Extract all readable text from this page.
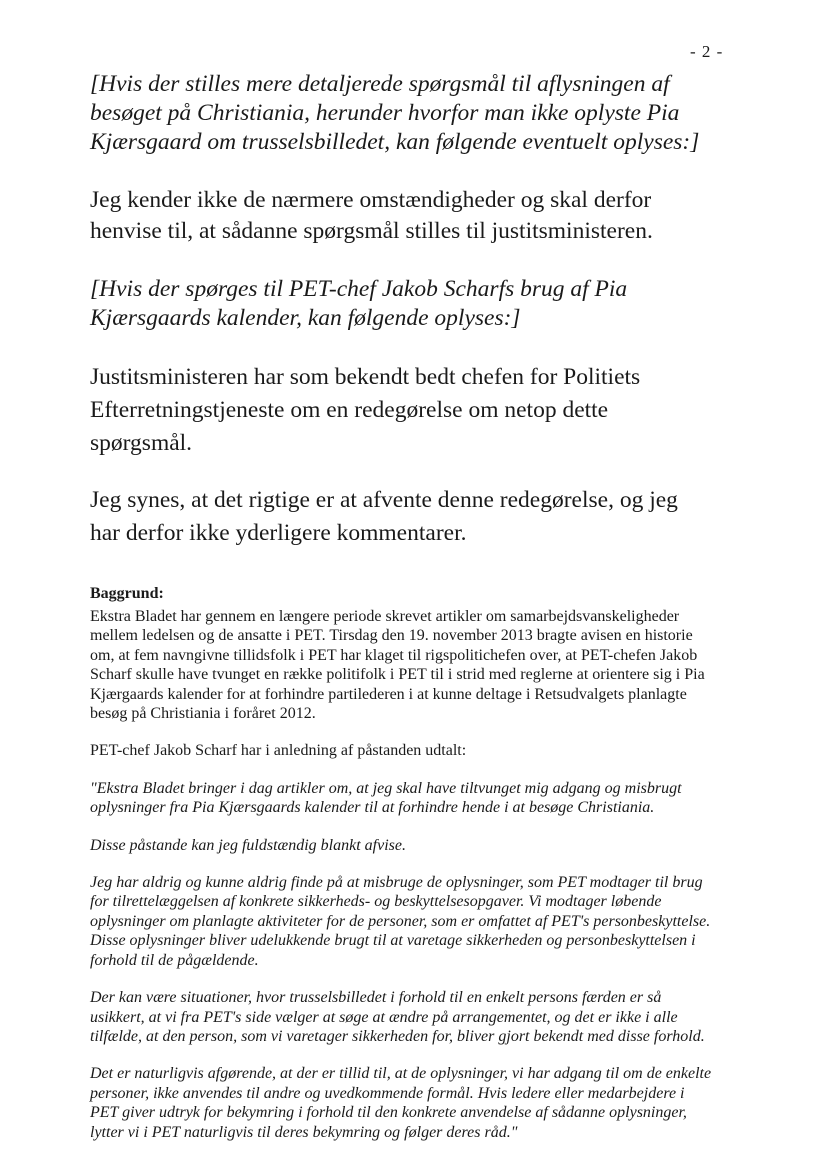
- 2 -

[Hvis der stilles mere detaljerede spørgsmål til aflysningen af besøget på Christiania, herunder hvorfor man ikke oplyste Pia Kjærsgaard om trusselsbilledet, kan følgende eventuelt oplyses:]

Jeg kender ikke de nærmere omstændigheder og skal derfor henvise til, at sådanne spørgsmål stilles til justitsministeren.

[Hvis der spørges til PET-chef Jakob Scharfs brug af Pia Kjærsgaards kalender, kan følgende oplyses:]

Justitsministeren har som bekendt bedt chefen for Politiets Efterretningstjeneste om en redegørelse om netop dette spørgsmål.

Jeg synes, at det rigtige er at afvente denne redegørelse, og jeg har derfor ikke yderligere kommentarer.

Baggrund:

Ekstra Bladet har gennem en længere periode skrevet artikler om samarbejdsvanskeligheder mellem ledelsen og de ansatte i PET. Tirsdag den 19. november 2013 bragte avisen en historie om, at fem navngivne tillidsfolk i PET har klaget til rigspolitichefen over, at PET-chefen Jakob Scharf skulle have tvunget en række politifolk i PET til i strid med reglerne at orientere sig i Pia Kjærgaards kalender for at forhindre partilederen i at kunne deltage i Retsudvalgets planlagte besøg på Christiania i foråret 2012.

PET-chef Jakob Scharf har i anledning af påstanden udtalt:

"Ekstra Bladet bringer i dag artikler om, at jeg skal have tiltvunget mig adgang og misbrugt oplysninger fra Pia Kjærsgaards kalender til at forhindre hende i at besøge Christiania.

Disse påstande kan jeg fuldstændig blankt afvise.

Jeg har aldrig og kunne aldrig finde på at misbruge de oplysninger, som PET modtager til brug for tilrettelæggelsen af konkrete sikkerheds- og beskyttelsesopgaver. Vi modtager løbende oplysninger om planlagte aktiviteter for de personer, som er omfattet af PET's personbeskyttelse. Disse oplysninger bliver udelukkende brugt til at varetage sikkerheden og personbeskyttelsen i forhold til de pågældende.

Der kan være situationer, hvor trusselsbilledet i forhold til en enkelt persons færden er så usikkert, at vi fra PET's side vælger at søge at ændre på arrangementet, og det er ikke i alle tilfælde, at den person, som vi varetager sikkerheden for, bliver gjort bekendt med disse forhold.

Det er naturligvis afgørende, at der er tillid til, at de oplysninger, vi har adgang til om de enkelte personer, ikke anvendes til andre og uvedkommende formål. Hvis ledere eller medarbejdere i PET giver udtryk for bekymring i forhold til den konkrete anvendelse af sådanne oplysninger, lytter vi i PET naturligvis til deres bekymring og følger deres råd."
